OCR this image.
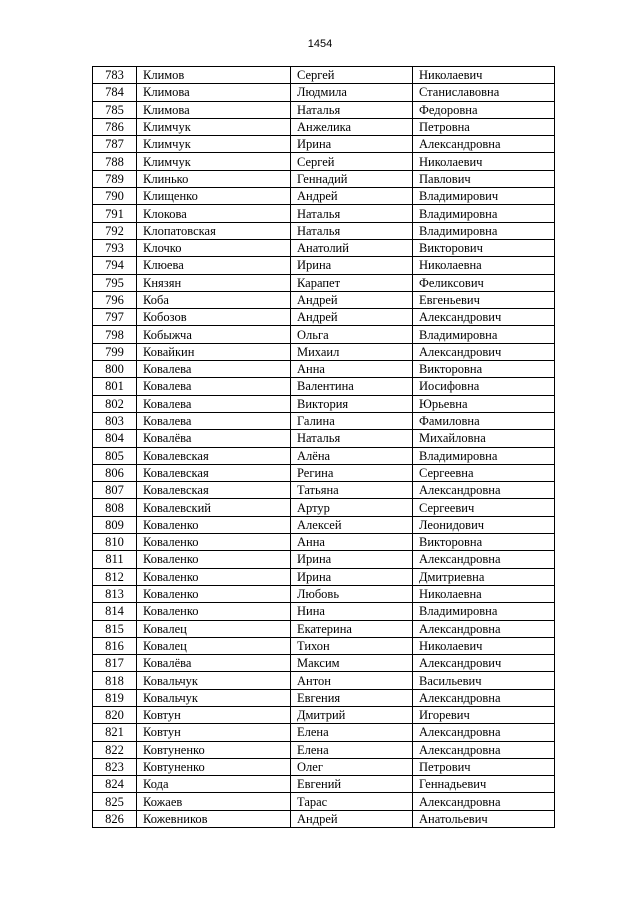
1454
783	Климов	Сергей	Николаевич
784	Климова	Людмила	Станиславовна
785	Климова	Наталья	Федоровна
786	Климчук	Анжелика	Петровна
787	Климчук	Ирина	Александровна
788	Климчук	Сергей	Николаевич
789	Клинько	Геннадий	Павлович
790	Клищенко	Андрей	Владимирович
791	Клокова	Наталья	Владимировна
792	Клопатовская	Наталья	Владимировна
793	Клочко	Анатолий	Викторович
794	Клюева	Ирина	Николаевна
795	Князян	Карапет	Феликсович
796	Коба	Андрей	Евгеньевич
797	Кобозов	Андрей	Александрович
798	Кобыжча	Ольга	Владимировна
799	Ковайкин	Михаил	Александрович
800	Ковалева	Анна	Викторовна
801	Ковалева	Валентина	Иосифовна
802	Ковалева	Виктория	Юрьевна
803	Ковалева	Галина	Фамиловна
804	Ковалёва	Наталья	Михайловна
805	Ковалевская	Алёна	Владимировна
806	Ковалевская	Регина	Сергеевна
807	Ковалевская	Татьяна	Александровна
808	Ковалевский	Артур	Сергеевич
809	Коваленко	Алексей	Леонидович
810	Коваленко	Анна	Викторовна
811	Коваленко	Ирина	Александровна
812	Коваленко	Ирина	Дмитриевна
813	Коваленко	Любовь	Николаевна
814	Коваленко	Нина	Владимировна
815	Ковалец	Екатерина	Александровна
816	Ковалец	Тихон	Николаевич
817	Ковалёва	Максим	Александрович
818	Ковальчук	Антон	Васильевич
819	Ковальчук	Евгения	Александровна
820	Ковтун	Дмитрий	Игоревич
821	Ковтун	Елена	Александровна
822	Ковтуненко	Елена	Александровна
823	Ковтуненко	Олег	Петрович
824	Кода	Евгений	Геннадьевич
825	Кожаев	Тарас	Александровна
826	Кожевников	Андрей	Анатольевич
